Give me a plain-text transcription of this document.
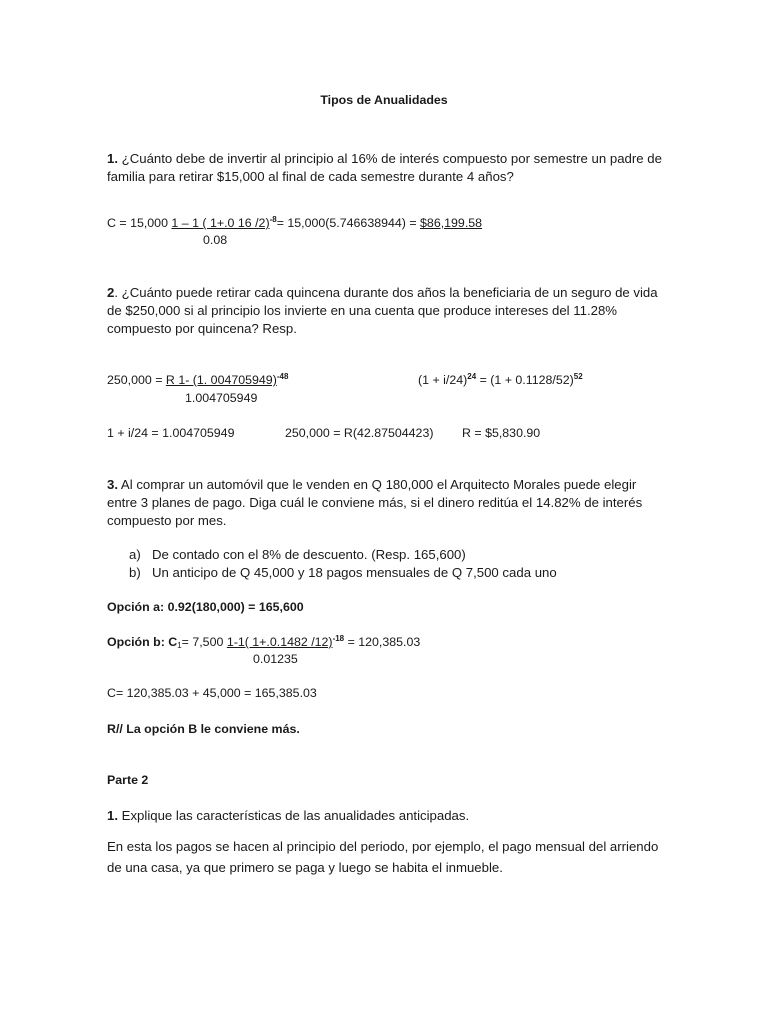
Tipos de Anualidades
1. ¿Cuánto debe de invertir al principio al 16% de interés compuesto por semestre un padre de familia para retirar $15,000 al final de cada semestre durante 4 años?
C = 15,000 1 – 1 ( 1+.0 16 /2)$^{-8}$= 15,000(5.746638944) = $86,199.58
0.08
2. ¿Cuánto puede retirar cada quincena durante dos años la beneficiaria de un seguro de vida de $250,000 si al principio los invierte en una cuenta que produce intereses del 11.28% compuesto por quincena? Resp.
250,000 = R 1- (1. 004705949)$^{-48}$
1.004705949
$(1 + i/24)^{24} = (1 + 0.1128/52)^{52}$
1 + i/24 = 1.004705949	250,000 = R(42.87504423) R = $5,830.90
3. Al comprar un automóvil que le venden en Q 180,000 el Arquitecto Morales puede elegir entre 3 planes de pago. Diga cuál le conviene más, si el dinero reditúa el 14.82% de interés compuesto por mes.
a) De contado con el 8% de descuento. (Resp. 165,600)
b) Un anticipo de Q 45,000 y 18 pagos mensuales de Q 7,500 cada uno
Opción a: 0.92(180,000) = 165,600
Opción b: $C_1= 7,500$ 1-1( 1+.0.1482 /12)$^{-18}$ = 120,385.03
0.01235
C= 120,385.03 + 45,000 = 165,385.03
R// La opción B le conviene más.
Parte 2
1. Explique las características de las anualidades anticipadas.
En esta los pagos se hacen al principio del periodo, por ejemplo, el pago mensual del arriendo de una casa, ya que primero se paga y luego se habita el inmueble.
